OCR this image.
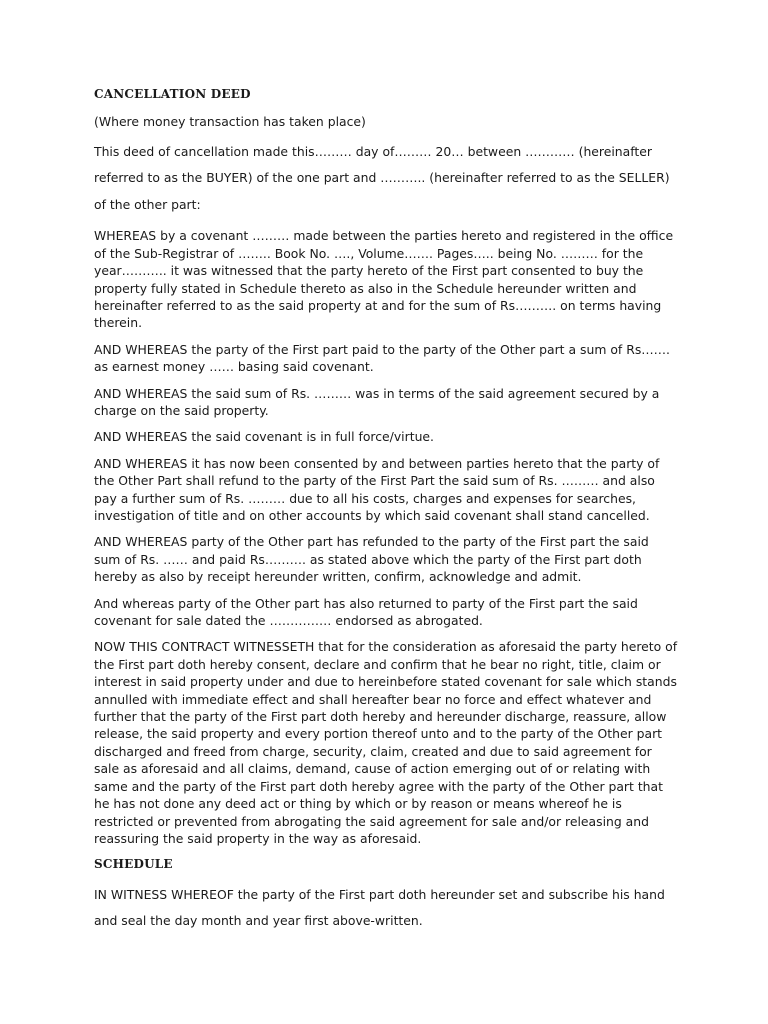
CANCELLATION DEED

(Where money transaction has taken place)

This deed of cancellation made this……… day of……… 20… between ………… (hereinafter

referred to as the BUYER) of the one part and ……….. (hereinafter referred to as the SELLER)

of the other part:

WHEREAS by a covenant ……… made between the parties hereto and registered in the office of the Sub-Registrar of …….. Book No. …., Volume……. Pages….. being No. ……… for the year……….. it was witnessed that the party hereto of the First part consented to buy the property fully stated in Schedule thereto as also in the Schedule hereunder written and hereinafter referred to as the said property at and for the sum of Rs………. on terms having therein.

AND WHEREAS the party of the First part paid to the party of the Other part a sum of Rs……. as earnest money …… basing said covenant.

AND WHEREAS the said sum of Rs. ……… was in terms of the said agreement secured by a charge on the said property.

AND WHEREAS the said covenant is in full force/virtue.

AND WHEREAS it has now been consented by and between parties hereto that the party of the Other Part shall refund to the party of the First Part the said sum of Rs. ……… and also pay a further sum of Rs. ……… due to all his costs, charges and expenses for searches, investigation of title and on other accounts by which said covenant shall stand cancelled.

AND WHEREAS party of the Other part has refunded to the party of the First part the said sum of Rs. …… and paid Rs………. as stated above which the party of the First part doth hereby as also by receipt hereunder written, confirm, acknowledge and admit.

And whereas party of the Other part has also returned to party of the First part the said covenant for sale dated the …………… endorsed as abrogated.

NOW THIS CONTRACT WITNESSETH that for the consideration as aforesaid the party hereto of the First part doth hereby consent, declare and confirm that he bear no right, title, claim or interest in said property under and due to hereinbefore stated covenant for sale which stands annulled with immediate effect and shall hereafter bear no force and effect whatever and further that the party of the First part doth hereby and hereunder discharge, reassure, allow release, the said property and every portion thereof unto and to the party of the Other part discharged and freed from charge, security, claim, created and due to said agreement for sale as aforesaid and all claims, demand, cause of action emerging out of or relating with same and the party of the First part doth hereby agree with the party of the Other part that he has not done any deed act or thing by which or by reason or means whereof he is restricted or prevented from abrogating the said agreement for sale and/or releasing and reassuring the said property in the way as aforesaid.

SCHEDULE

IN WITNESS WHEREOF the party of the First part doth hereunder set and subscribe his hand

and seal the day month and year first above-written.
